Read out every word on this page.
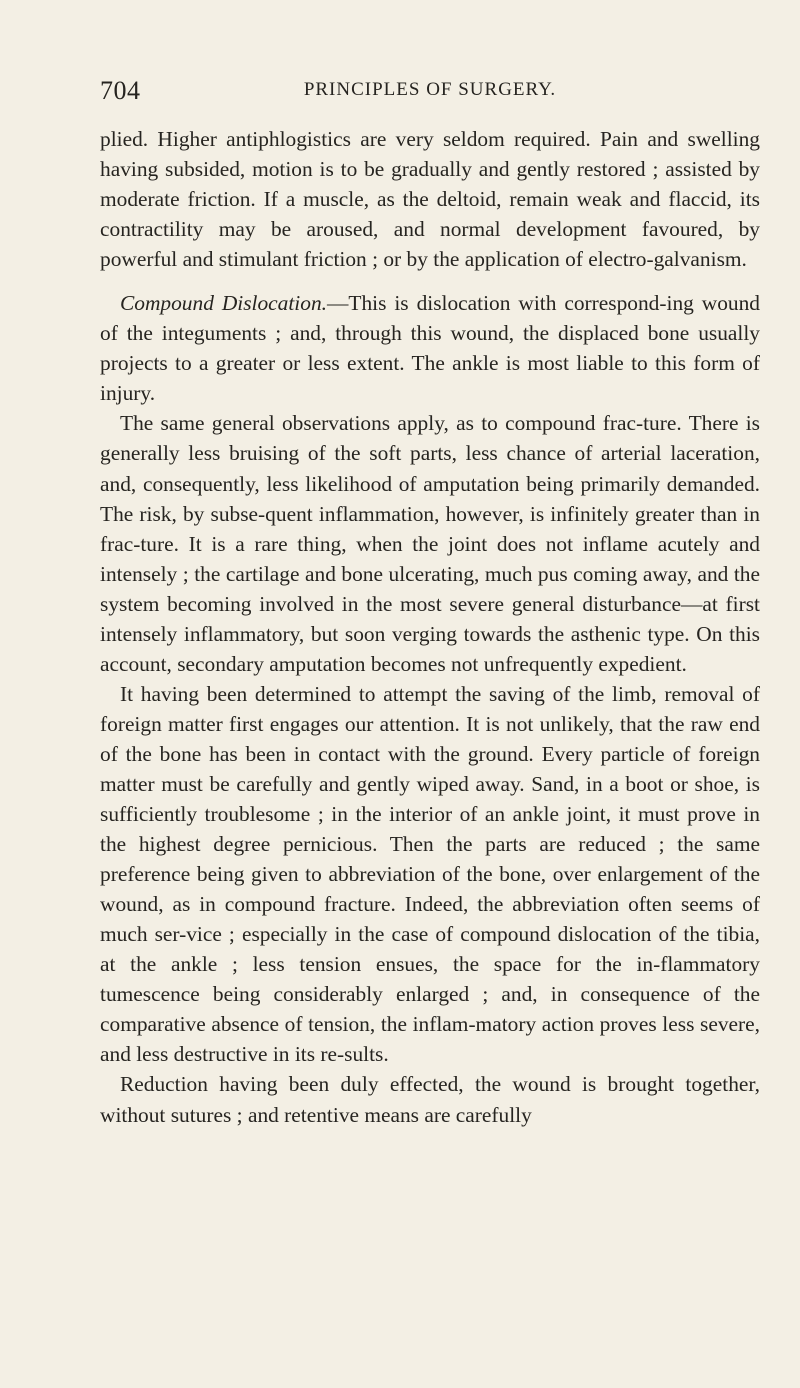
704	PRINCIPLES OF SURGERY.

plied. Higher antiphlogistics are very seldom required. Pain and swelling having subsided, motion is to be gradually and gently restored ; assisted by moderate friction. If a muscle, as the deltoid, remain weak and flaccid, its contractility may be aroused, and normal development favoured, by powerful and stimulant friction ; or by the application of electro-galvanism.

Compound Dislocation.—This is dislocation with correspond-ing wound of the integuments ; and, through this wound, the displaced bone usually projects to a greater or less extent. The ankle is most liable to this form of injury.

The same general observations apply, as to compound frac-ture. There is generally less bruising of the soft parts, less chance of arterial laceration, and, consequently, less likelihood of amputation being primarily demanded. The risk, by subse-quent inflammation, however, is infinitely greater than in frac-ture. It is a rare thing, when the joint does not inflame acutely and intensely ; the cartilage and bone ulcerating, much pus coming away, and the system becoming involved in the most severe general disturbance—at first intensely inflammatory, but soon verging towards the asthenic type. On this account, secondary amputation becomes not unfrequently expedient.

It having been determined to attempt the saving of the limb, removal of foreign matter first engages our attention. It is not unlikely, that the raw end of the bone has been in contact with the ground. Every particle of foreign matter must be carefully and gently wiped away. Sand, in a boot or shoe, is sufficiently troublesome ; in the interior of an ankle joint, it must prove in the highest degree pernicious. Then the parts are reduced ; the same preference being given to abbreviation of the bone, over enlargement of the wound, as in compound fracture. Indeed, the abbreviation often seems of much ser-vice ; especially in the case of compound dislocation of the tibia, at the ankle ; less tension ensues, the space for the in-flammatory tumescence being considerably enlarged ; and, in consequence of the comparative absence of tension, the inflam-matory action proves less severe, and less destructive in its re-sults.

Reduction having been duly effected, the wound is brought together, without sutures ; and retentive means are carefully
